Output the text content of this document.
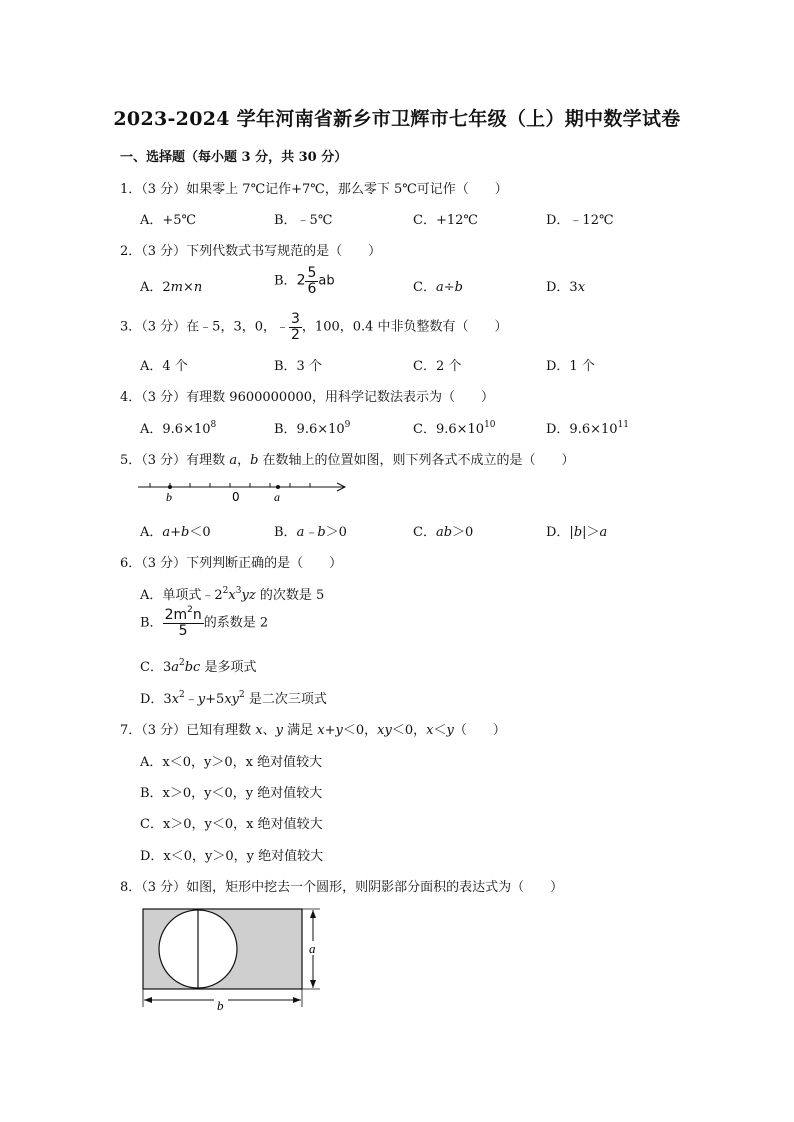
2023-2024 学年河南省新乡市卫辉市七年级（上）期中数学试卷
一、选择题（每小题 3 分，共 30 分）
1．（3 分）如果零上 7℃记作+7℃，那么零下 5℃可记作（　　）
A．+5℃	B．﹣5℃	C．+12℃	D．﹣12℃
2．（3 分）下列代数式书写规范的是（　　）
A．2m×n	B．$2 \frac{5}{6}$ ab	C．a÷b	D．3x
3．（3 分）在﹣5，3，0，﹣ $\frac{3}{2}$ ，100，0.4 中非负整数有（　　）
A．4 个	B．3 个	C．2 个	D．1 个
4．（3 分）有理数 9600000000，用科学记数法表示为（　　）
A．$9.6\times 10^8$	B．$9.6\times 10^9$	C．$9.6\times 10^{10}$	D．$9.6\times 10^{11}$
5．（3 分）有理数 a，b 在数轴上的位置如图，则下列各式不成立的是（　　）
b	0	a
A．a+b＜0	B．a﹣b＞0	C．ab＞0	D．|b|＞a
6．（3 分）下列判断正确的是（　　）
A．单项式$﹣2^2x^3yz$ 的次数是 5
B． $\frac{2m^2n}{5}$ 的系数是 2
C．$3a^2bc$ 是多项式
D．$3x^2﹣y+5xy^2$ 是二次三项式
7．（3 分）已知有理数 x、y 满足 x+y＜0，xy＜0，x＜y（　　）
A．x＜0，y＞0，x 绝对值较大
B．x＞0，y＜0，y 绝对值较大
C．x＞0，y＜0，x 绝对值较大
D．x＜0，y＞0，y 绝对值较大
8．（3 分）如图，矩形中挖去一个圆形，则阴影部分面积的表达式为（　　）
a
b
